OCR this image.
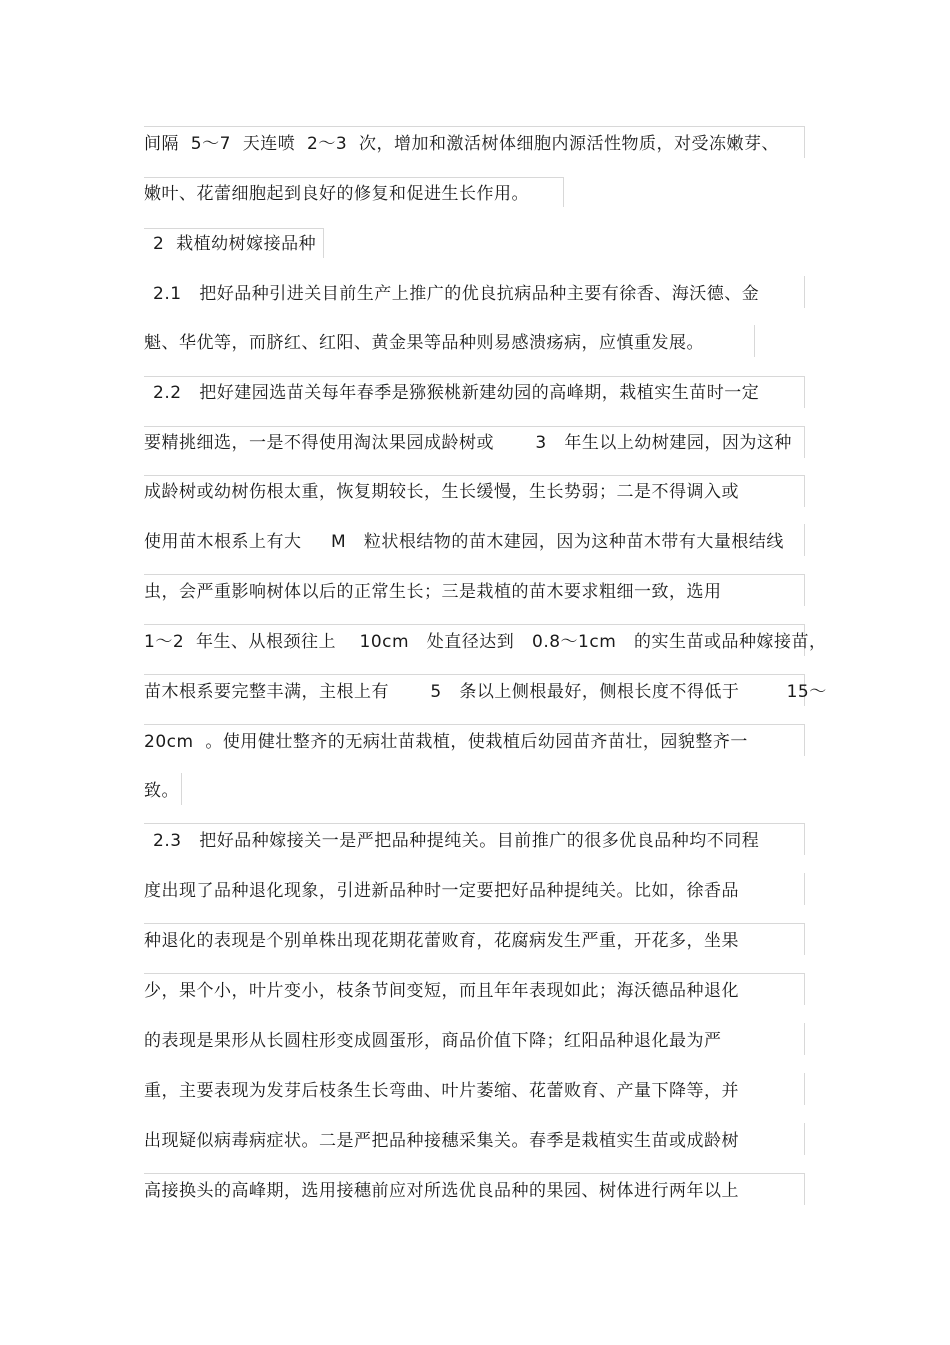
间隔  5～7  天连喷  2～3  次，增加和激活树体细胞内源活性物质，对受冻嫩芽、
嫩叶、花蕾细胞起到良好的修复和促进生长作用。
2  栽植幼树嫁接品种
2.1   把好品种引进关目前生产上推广的优良抗病品种主要有徐香、海沃德、金
魁、华优等，而脐红、红阳、黄金果等品种则易感溃疡病，应慎重发展。
2.2   把好建园选苗关每年春季是猕猴桃新建幼园的高峰期，栽植实生苗时一定
要精挑细选，一是不得使用淘汰果园成龄树或       3   年生以上幼树建园，因为这种
成龄树或幼树伤根太重，恢复期较长，生长缓慢，生长势弱；二是不得调入或
使用苗木根系上有大     M   粒状根结物的苗木建园，因为这种苗木带有大量根结线
虫，会严重影响树体以后的正常生长；三是栽植的苗木要求粗细一致，选用
1～2  年生、从根颈往上    10cm   处直径达到   0.8～1cm   的实生苗或品种嫁接苗，
苗木根系要完整丰满，主根上有       5   条以上侧根最好，侧根长度不得低于        15～
20cm  。使用健壮整齐的无病壮苗栽植，使栽植后幼园苗齐苗壮，园貌整齐一
致。
2.3   把好品种嫁接关一是严把品种提纯关。目前推广的很多优良品种均不同程
度出现了品种退化现象，引进新品种时一定要把好品种提纯关。比如，徐香品
种退化的表现是个别单株出现花期花蕾败育，花腐病发生严重，开花多，坐果
少，果个小，叶片变小，枝条节间变短，而且年年表现如此；海沃德品种退化
的表现是果形从长圆柱形变成圆蛋形，商品价值下降；红阳品种退化最为严
重，主要表现为发芽后枝条生长弯曲、叶片萎缩、花蕾败育、产量下降等，并
出现疑似病毒病症状。二是严把品种接穗采集关。春季是栽植实生苗或成龄树
高接换头的高峰期，选用接穗前应对所选优良品种的果园、树体进行两年以上
